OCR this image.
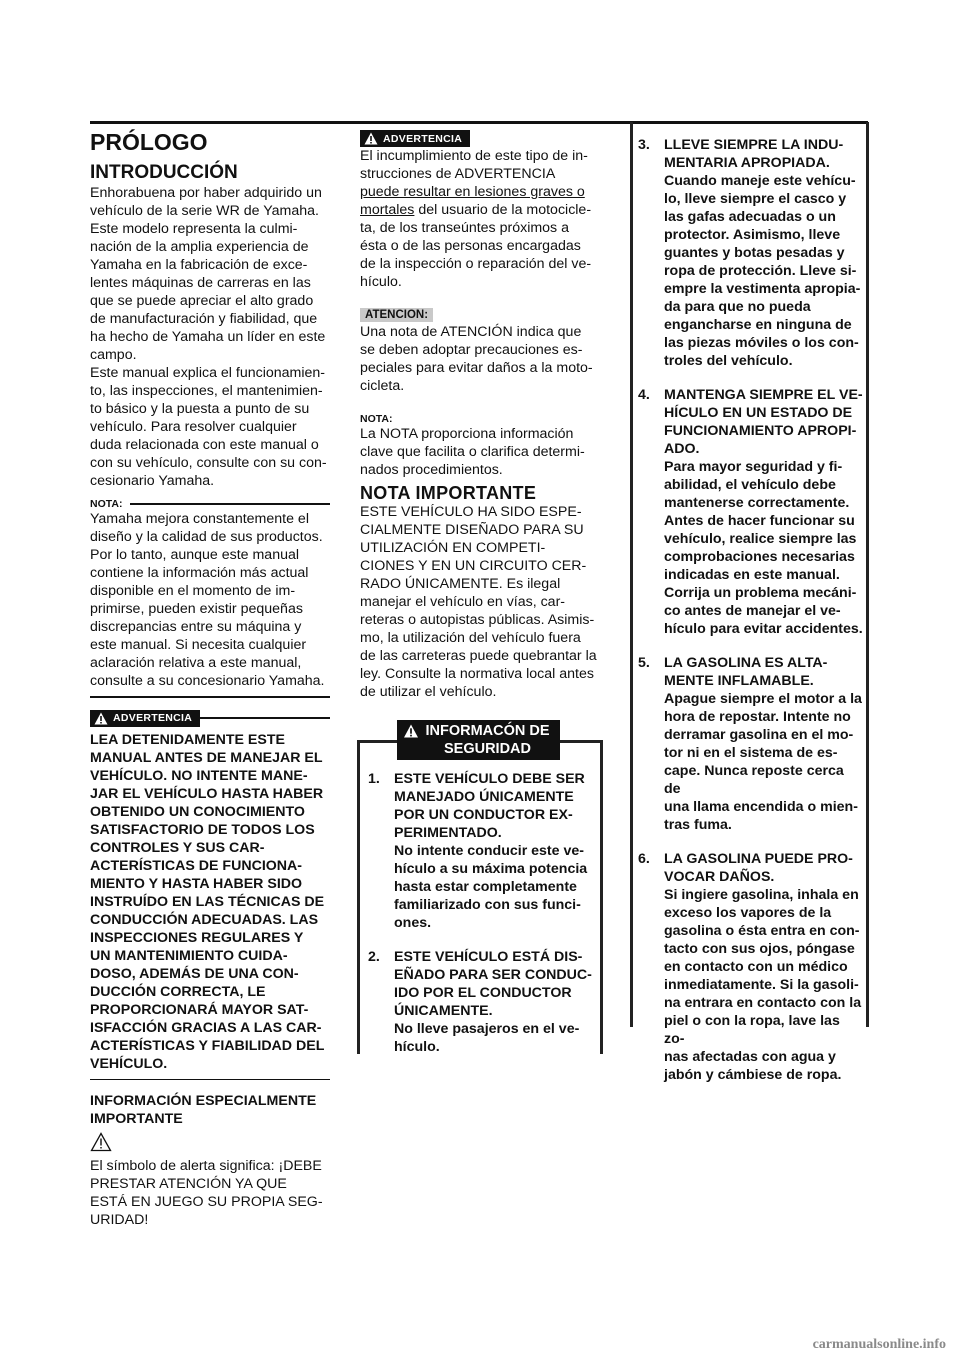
PRÓLOGO
INTRODUCCIÓN

Enhorabuena por haber adquirido un
vehículo de la serie WR de Yamaha.
Este modelo representa la culmi-
nación de la amplia experiencia de
Yamaha en la fabricación de exce-
lentes máquinas de carreras en las
que se puede apreciar el alto grado
de manufacturación y fiabilidad, que
ha hecho de Yamaha un líder en este
campo.

Este manual explica el funcionamien-
to, las inspecciones, el mantenimien-
to básico y la puesta a punto de su
vehículo. Para resolver cualquier
duda relacionada con este manual o
con su vehículo, consulte con su con-
cesionario Yamaha.

NOTA:

Yamaha mejora constantemente el
diseño y la calidad de sus productos.
Por lo tanto, aunque este manual
contiene la información más actual
disponible en el momento de im-
primirse, pueden existir pequeñas
discrepancias entre su máquina y
este manual. Si necesita cualquier
aclaración relativa a este manual,
consulte a su concesionario Yamaha.

ADVERTENCIA

LEA DETENIDAMENTE ESTE
MANUAL ANTES DE MANEJAR EL
VEHÍCULO. NO INTENTE MANE-
JAR EL VEHÍCULO HASTA HABER
OBTENIDO UN CONOCIMIENTO
SATISFACTORIO DE TODOS LOS
CONTROLES Y SUS CAR-
ACTERÍSTICAS DE FUNCIONA-
MIENTO Y HASTA HABER SIDO
INSTRUÍDO EN LAS TÉCNICAS DE
CONDUCCIÓN ADECUADAS. LAS
INSPECCIONES REGULARES Y
UN MANTENIMIENTO CUIDA-
DOSO, ADEMÁS DE UNA CON-
DUCCIÓN CORRECTA, LE
PROPORCIONARÁ MAYOR SAT-
ISFACCIÓN GRACIAS A LAS CAR-
ACTERÍSTICAS Y FIABILIDAD DEL
VEHÍCULO.

INFORMACIÓN ESPECIALMENTE
IMPORTANTE

El símbolo de alerta significa: ¡DEBE
PRESTAR ATENCIÓN YA QUE
ESTÁ EN JUEGO SU PROPIA SEG-
URIDAD!

ADVERTENCIA

El incumplimiento de este tipo de in-
strucciones de ADVERTENCIA
puede resultar en lesiones graves o
mortales del usuario de la motocicle-
ta, de los transeúntes próximos a
ésta o de las personas encargadas
de la inspección o reparación del ve-
hículo.

ATENCION:

Una nota de ATENCIÓN indica que
se deben adoptar precauciones es-
peciales para evitar daños a la moto-
cicleta.

NOTA:

La NOTA proporciona información
clave que facilita o clarifica determi-
nados procedimientos.

NOTA IMPORTANTE

ESTE VEHÍCULO HA SIDO ESPE-
CIALMENTE DISEÑADO PARA SU
UTILIZACIÓN EN COMPETI-
CIONES Y EN UN CIRCUITO CER-
RADO ÚNICAMENTE. Es ilegal
manejar el vehículo en vías, car-
reteras o autopistas públicas. Asimis-
mo, la utilización del vehículo fuera
de las carreteras puede quebrantar la
ley. Consulte la normativa local antes
de utilizar el vehículo.

INFORMACÓN DE
SEGURIDAD
1. ESTE VEHÍCULO DEBE SER
MANEJADO ÚNICAMENTE
POR UN CONDUCTOR EX-
PERIMENTADO.
No intente conducir este ve-
hículo a su máxima potencia
hasta estar completamente
familiarizado con sus funci-
ones.
2. ESTE VEHÍCULO ESTÁ DIS-
EÑADO PARA SER CONDUC-
IDO POR EL CONDUCTOR
ÚNICAMENTE.
No lleve pasajeros en el ve-
hículo.
3. LLEVE SIEMPRE LA INDU-
MENTARIA APROPIADA.
Cuando maneje este vehícu-
lo, lleve siempre el casco y
las gafas adecuadas o un
protector. Asimismo, lleve
guantes y botas pesadas y
ropa de protección. Lleve si-
empre la vestimenta apropia-
da para que no pueda
engancharse en ninguna de
las piezas móviles o los con-
troles del vehículo.
4. MANTENGA SIEMPRE EL VE-
HÍCULO EN UN ESTADO DE
FUNCIONAMIENTO APROPI-
ADO.
Para mayor seguridad y fi-
abilidad, el vehículo debe
mantenerse correctamente.
Antes de hacer funcionar su
vehículo, realice siempre las
comprobaciones necesarias
indicadas en este manual.
Corrija un problema mecáni-
co antes de manejar el ve-
hículo para evitar accidentes.
5. LA GASOLINA ES ALTA-
MENTE INFLAMABLE.
Apague siempre el motor a la
hora de repostar. Intente no
derramar gasolina en el mo-
tor ni en el sistema de es-
cape. Nunca reposte cerca de
una llama encendida o mien-
tras fuma.
6. LA GASOLINA PUEDE PRO-
VOCAR DAÑOS.
Si ingiere gasolina, inhala en
exceso los vapores de la
gasolina o ésta entra en con-
tacto con sus ojos, póngase
en contacto con un médico
inmediatamente. Si la gasoli-
na entrara en contacto con la
piel o con la ropa, lave las zo-
nas afectadas con agua y
jabón y cámbiese de ropa.
carmanualsonline.info
